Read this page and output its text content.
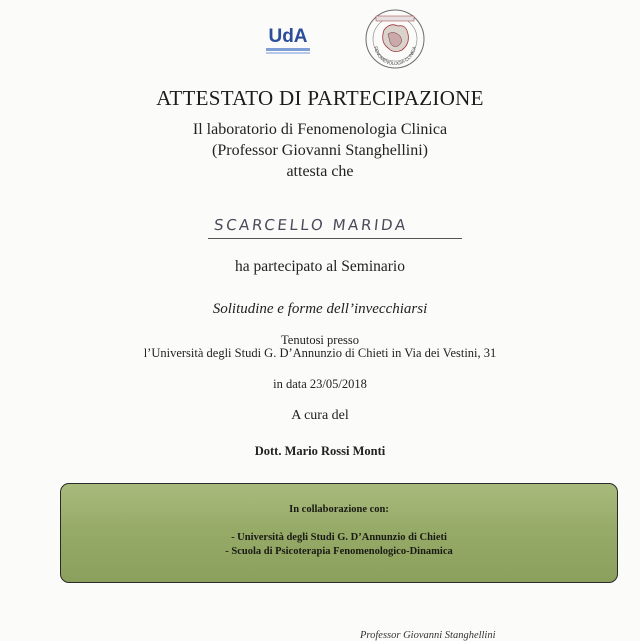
UdA
FENOMENOLOGIA CLINICA
ATTESTATO DI PARTECIPAZIONE
Il laboratorio di Fenomenologia Clinica
(Professor Giovanni Stanghellini)
attesta che
SCARCELLO MARIDA
ha partecipato al Seminario
Solitudine e forme dell’invecchiarsi
Tenutosi presso
l’Università degli Studi G. D’Annunzio di Chieti in Via dei Vestini, 31
in data 23/05/2018
A cura del
Dott. Mario Rossi Monti
In collaborazione con:
- Università degli Studi G. D’Annunzio di Chieti
- Scuola di Psicoterapia Fenomenologico-Dinamica
Professor Giovanni Stanghellini
